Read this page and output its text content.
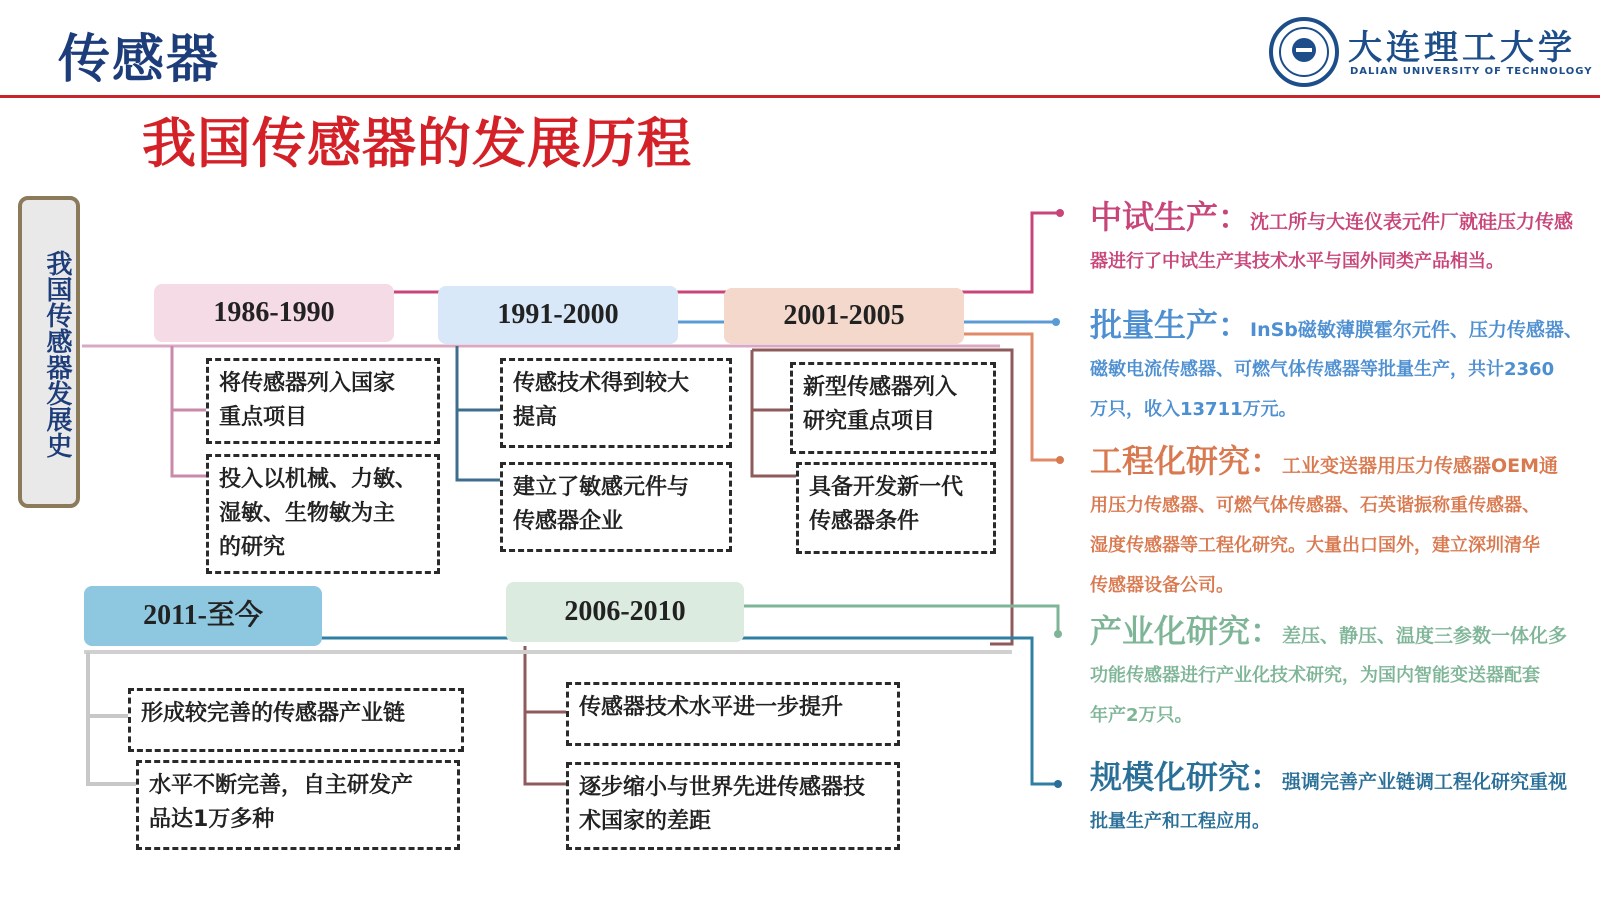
传感器	大连理工大学
DALIAN UNIVERSITY OF TECHNOLOGY
我国传感器的发展历程
我国传感器发展史	1986-1990	1991-2000	2001-2005
2006-2010
2011-至今
将传感器列入国家
重点项目
投入以机械、力敏、
湿敏、生物敏为主
的研究
传感技术得到较大
提高
建立了敏感元件与
传感器企业
新型传感器列入
研究重点项目
具备开发新一代
传感器条件
传感器技术水平进一步提升
逐步缩小与世界先进传感器技
术国家的差距
形成较完善的传感器产业链
水平不断完善，自主研发产
品达1万多种
中试生产：沈工所与大连仪表元件厂就硅压力传感
器进行了中试生产其技术水平与国外同类产品相当。
批量生产：InSb磁敏薄膜霍尔元件、压力传感器、
磁敏电流传感器、可燃气体传感器等批量生产，共计2360
万只，收入13711万元。
工程化研究：工业变送器用压力传感器OEM通
用压力传感器、可燃气体传感器、石英谐振称重传感器、
湿度传感器等工程化研究。大量出口国外，建立深圳清华
传感器设备公司。
产业化研究：差压、静压、温度三参数一体化多
功能传感器进行产业化技术研究，为国内智能变送器配套
年产2万只。
规模化研究：强调完善产业链调工程化研究重视
批量生产和工程应用。
